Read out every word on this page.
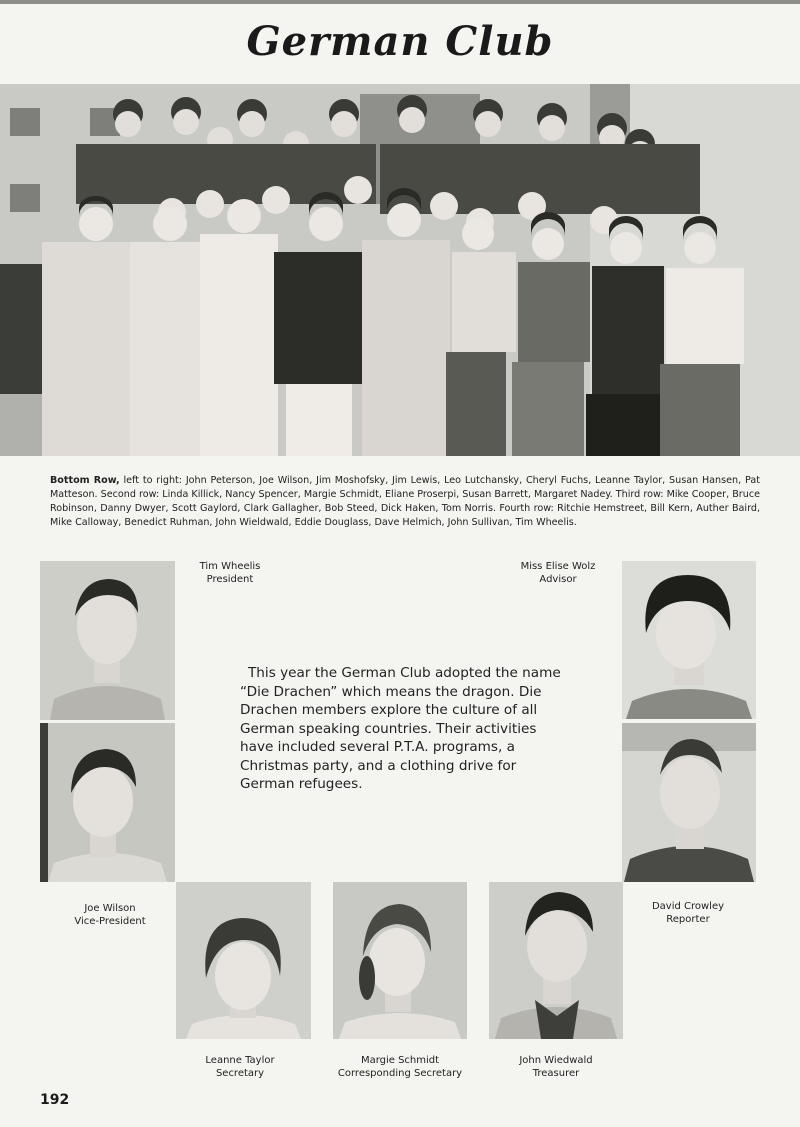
German Club

Bottom Row, left to right: John Peterson, Joe Wilson, Jim Moshofsky, Jim Lewis, Leo Lutchansky, Cheryl Fuchs, Leanne Taylor, Susan Hansen, Pat Matteson. Second row: Linda Killick, Nancy Spencer, Margie Schmidt, Eliane Proserpi, Susan Barrett, Margaret Nadey. Third row: Mike Cooper, Bruce Robinson, Danny Dwyer, Scott Gaylord, Clark Gallagher, Bob Steed, Dick Haken, Tom Norris. Fourth row: Ritchie Hemstreet, Bill Kern, Auther Baird, Mike Calloway, Benedict Ruhman, John Wieldwald, Eddie Douglass, Dave Helmich, John Sullivan, Tim Wheelis.

Tim Wheelis
President
Miss Elise Wolz
Advisor
Joe Wilson
Vice-President
David Crowley
Reporter
Leanne Taylor
Secretary
Margie Schmidt
Corresponding Secretary
John Wiedwald
Treasurer

This year the German Club adopted the name “Die Drachen” which means the dragon. Die Drachen members explore the culture of all German speaking countries. Their activities have included several P.T.A. programs, a Christmas party, and a clothing drive for German refugees.

192
